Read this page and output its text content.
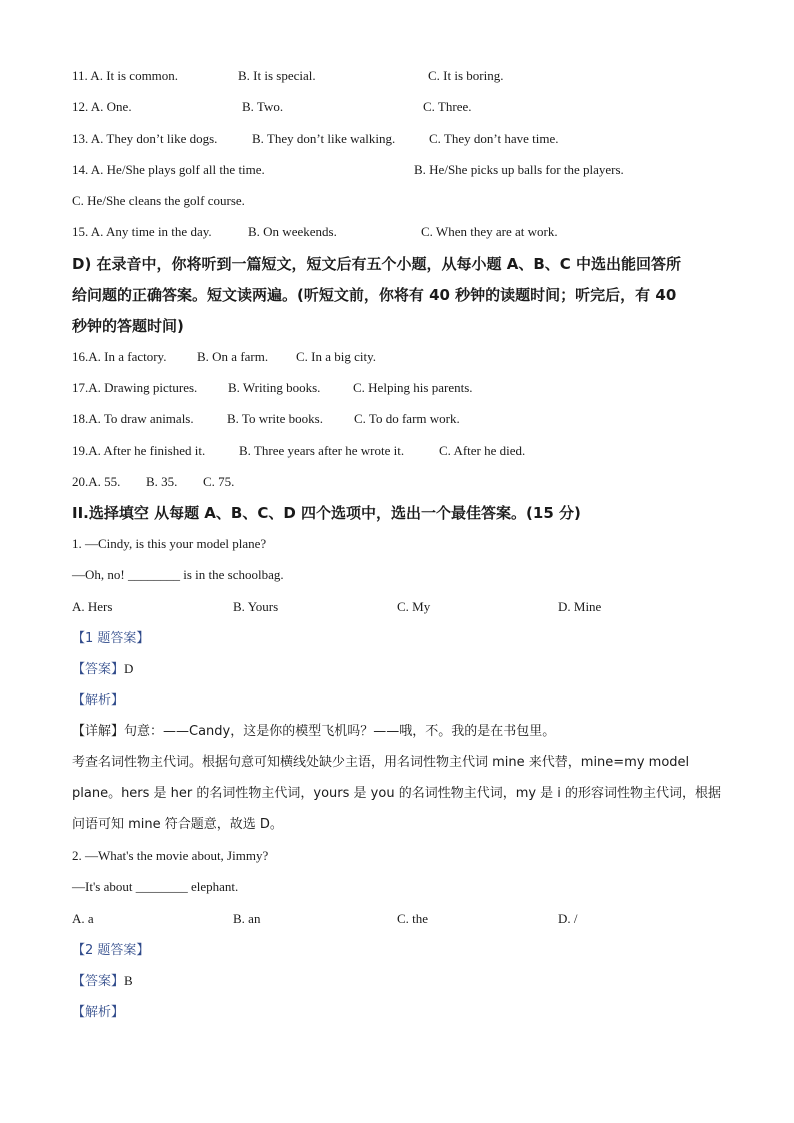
11. A. It is common.	B. It is special.	C. It is boring.
12. A. One.	B. Two.	C. Three.
13. A. They don’t like dogs.	B. They don’t like walking.	C. They don’t have time.
14. A. He/She plays golf all the time.	B. He/She picks up balls for the players.
C. He/She cleans the golf course.
15. A. Any time in the day.	B. On weekends.	C. When they are at work.
D) 在录音中，你将听到一篇短文，短文后有五个小题，从每小题 A、B、C 中选出能回答所
给问题的正确答案。短文读两遍。(听短文前，你将有 40 秒钟的读题时间；听完后，有 40
秒钟的答题时间)
16.A. In a factory. B. On a farm. C. In a big city.
17.A. Drawing pictures. B. Writing books.	C. Helping his parents.
18.A. To draw animals.	B. To write books. C. To do farm work.
19.A. After he finished it.	B. Three years after he wrote it.	C. After he died.
20.A. 55. B. 35. C. 75.
II.选择填空 从每题 A、B、C、D 四个选项中，选出一个最佳答案。(15 分)
1. —Cindy, is this your model plane?
—Oh, no! ________ is in the schoolbag.
A. Hers	B. Yours	C. My	D. Mine
【1 题答案】
【答案】D
【解析】
【详解】句意：——Candy，这是你的模型飞机吗？——哦，不。我的是在书包里。
考查名词性物主代词。根据句意可知横线处缺少主语，用名词性物主代词 mine 来代替，mine=my model
plane。hers 是 her 的名词性物主代词，yours 是 you 的名词性物主代词，my 是 i 的形容词性物主代词，根据
问语可知 mine 符合题意，故选 D。
2. —What's the movie about, Jimmy?
—It's about ________ elephant.
A. a	B. an	C. the	D. /
【2 题答案】
【答案】B
【解析】
